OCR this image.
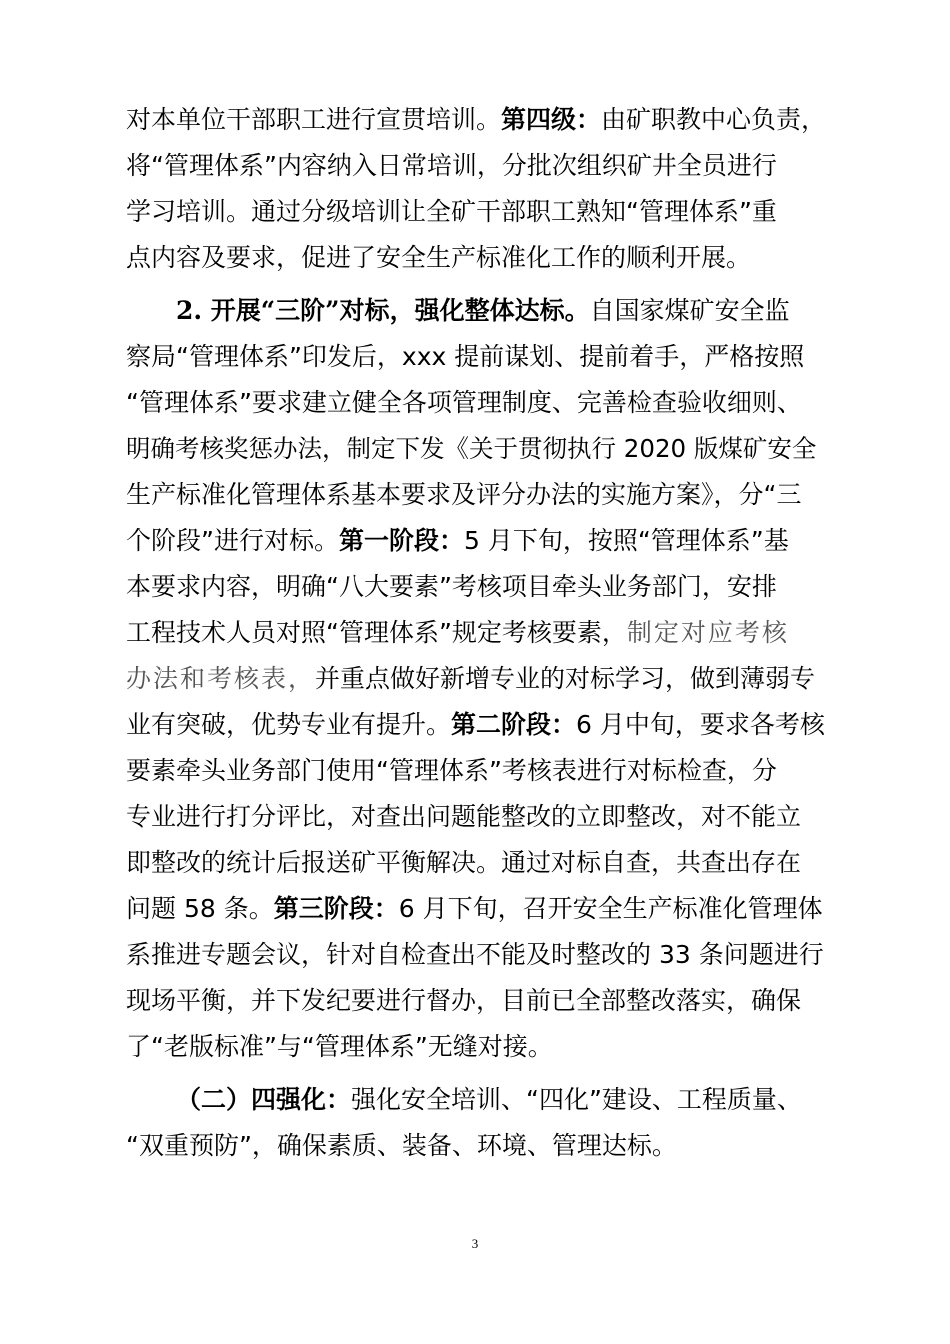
对本单位干部职工进行宣贯培训。第四级：由矿职教中心负责，
将“管理体系”内容纳入日常培训，分批次组织矿井全员进行
学习培训。通过分级培训让全矿干部职工熟知“管理体系”重
点内容及要求，促进了安全生产标准化工作的顺利开展。
2. 开展“三阶”对标，强化整体达标。自国家煤矿安全监
察局“管理体系”印发后，xxx 提前谋划、提前着手，严格按照
“管理体系”要求建立健全各项管理制度、完善检查验收细则、
明确考核奖惩办法，制定下发《关于贯彻执行 2020 版煤矿安全
生产标准化管理体系基本要求及评分办法的实施方案》，分“三
个阶段”进行对标。第一阶段：5 月下旬，按照“管理体系”基
本要求内容，明确“八大要素”考核项目牵头业务部门，安排
工程技术人员对照“管理体系”规定考核要素，制定对应考核
办法和考核表，并重点做好新增专业的对标学习，做到薄弱专
业有突破，优势专业有提升。第二阶段：6 月中旬，要求各考核
要素牵头业务部门使用“管理体系”考核表进行对标检查，分
专业进行打分评比，对查出问题能整改的立即整改，对不能立
即整改的统计后报送矿平衡解决。通过对标自查，共查出存在
问题 58 条。第三阶段：6 月下旬，召开安全生产标准化管理体
系推进专题会议，针对自检查出不能及时整改的 33 条问题进行
现场平衡，并下发纪要进行督办，目前已全部整改落实，确保
了“老版标准”与“管理体系”无缝对接。
（二）四强化：强化安全培训、“四化”建设、工程质量、
“双重预防”，确保素质、装备、环境、管理达标。
3
